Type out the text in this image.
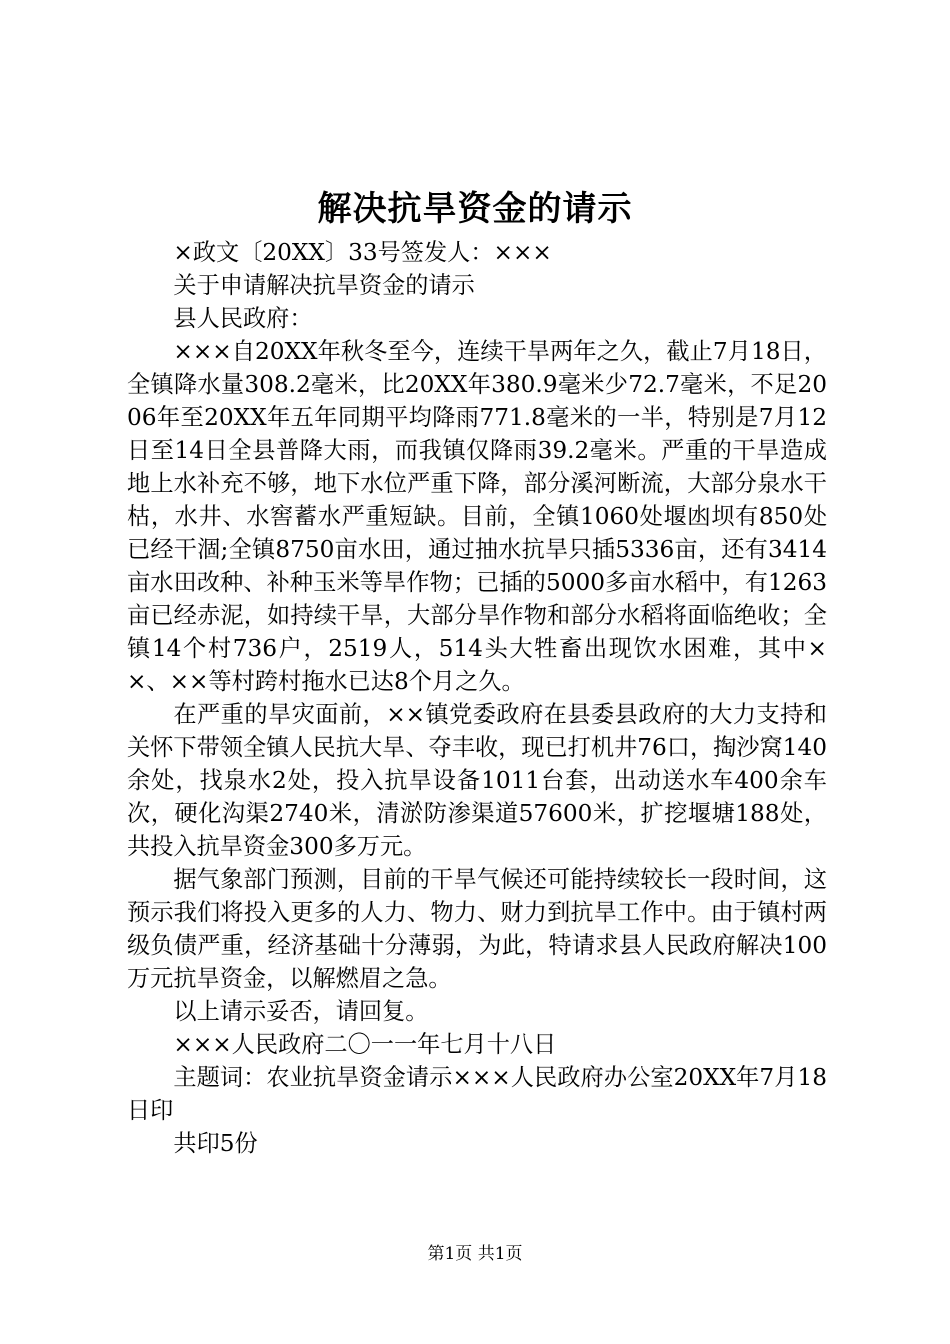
解决抗旱资金的请示

×政文〔20XX〕33号签发人：×××

关于申请解决抗旱资金的请示

县人民政府：

×××自20XX年秋冬至今，连续干旱两年之久，截止7月18日，全镇降水量308.2毫米，比20XX年380.9毫米少72.7毫米，不足2006年至20XX年五年同期平均降雨771.8毫米的一半，特别是7月12日至14日全县普降大雨，而我镇仅降雨39.2毫米。严重的干旱造成地上水补充不够，地下水位严重下降，部分溪河断流，大部分泉水干枯，水井、水窖蓄水严重短缺。目前，全镇1060处堰凼坝有850处已经干涸;全镇8750亩水田，通过抽水抗旱只插5336亩，还有3414亩水田改种、补种玉米等旱作物；已插的5000多亩水稻中，有1263亩已经赤泥，如持续干旱，大部分旱作物和部分水稻将面临绝收；全镇14个村736户，2519人，514头大牲畜出现饮水困难，其中××、××等村跨村拖水已达8个月之久。

在严重的旱灾面前，××镇党委政府在县委县政府的大力支持和关怀下带领全镇人民抗大旱、夺丰收，现已打机井76口，掏沙窝140余处，找泉水2处，投入抗旱设备1011台套，出动送水车400余车次，硬化沟渠2740米，清淤防渗渠道57600米，扩挖堰塘188处，共投入抗旱资金300多万元。

据气象部门预测，目前的干旱气候还可能持续较长一段时间，这预示我们将投入更多的人力、物力、财力到抗旱工作中。由于镇村两级负债严重，经济基础十分薄弱，为此，特请求县人民政府解决100万元抗旱资金，以解燃眉之急。

以上请示妥否，请回复。

×××人民政府二〇一一年七月十八日

主题词：农业抗旱资金请示×××人民政府办公室20XX年7月18日印

共印5份

第1页 共1页
